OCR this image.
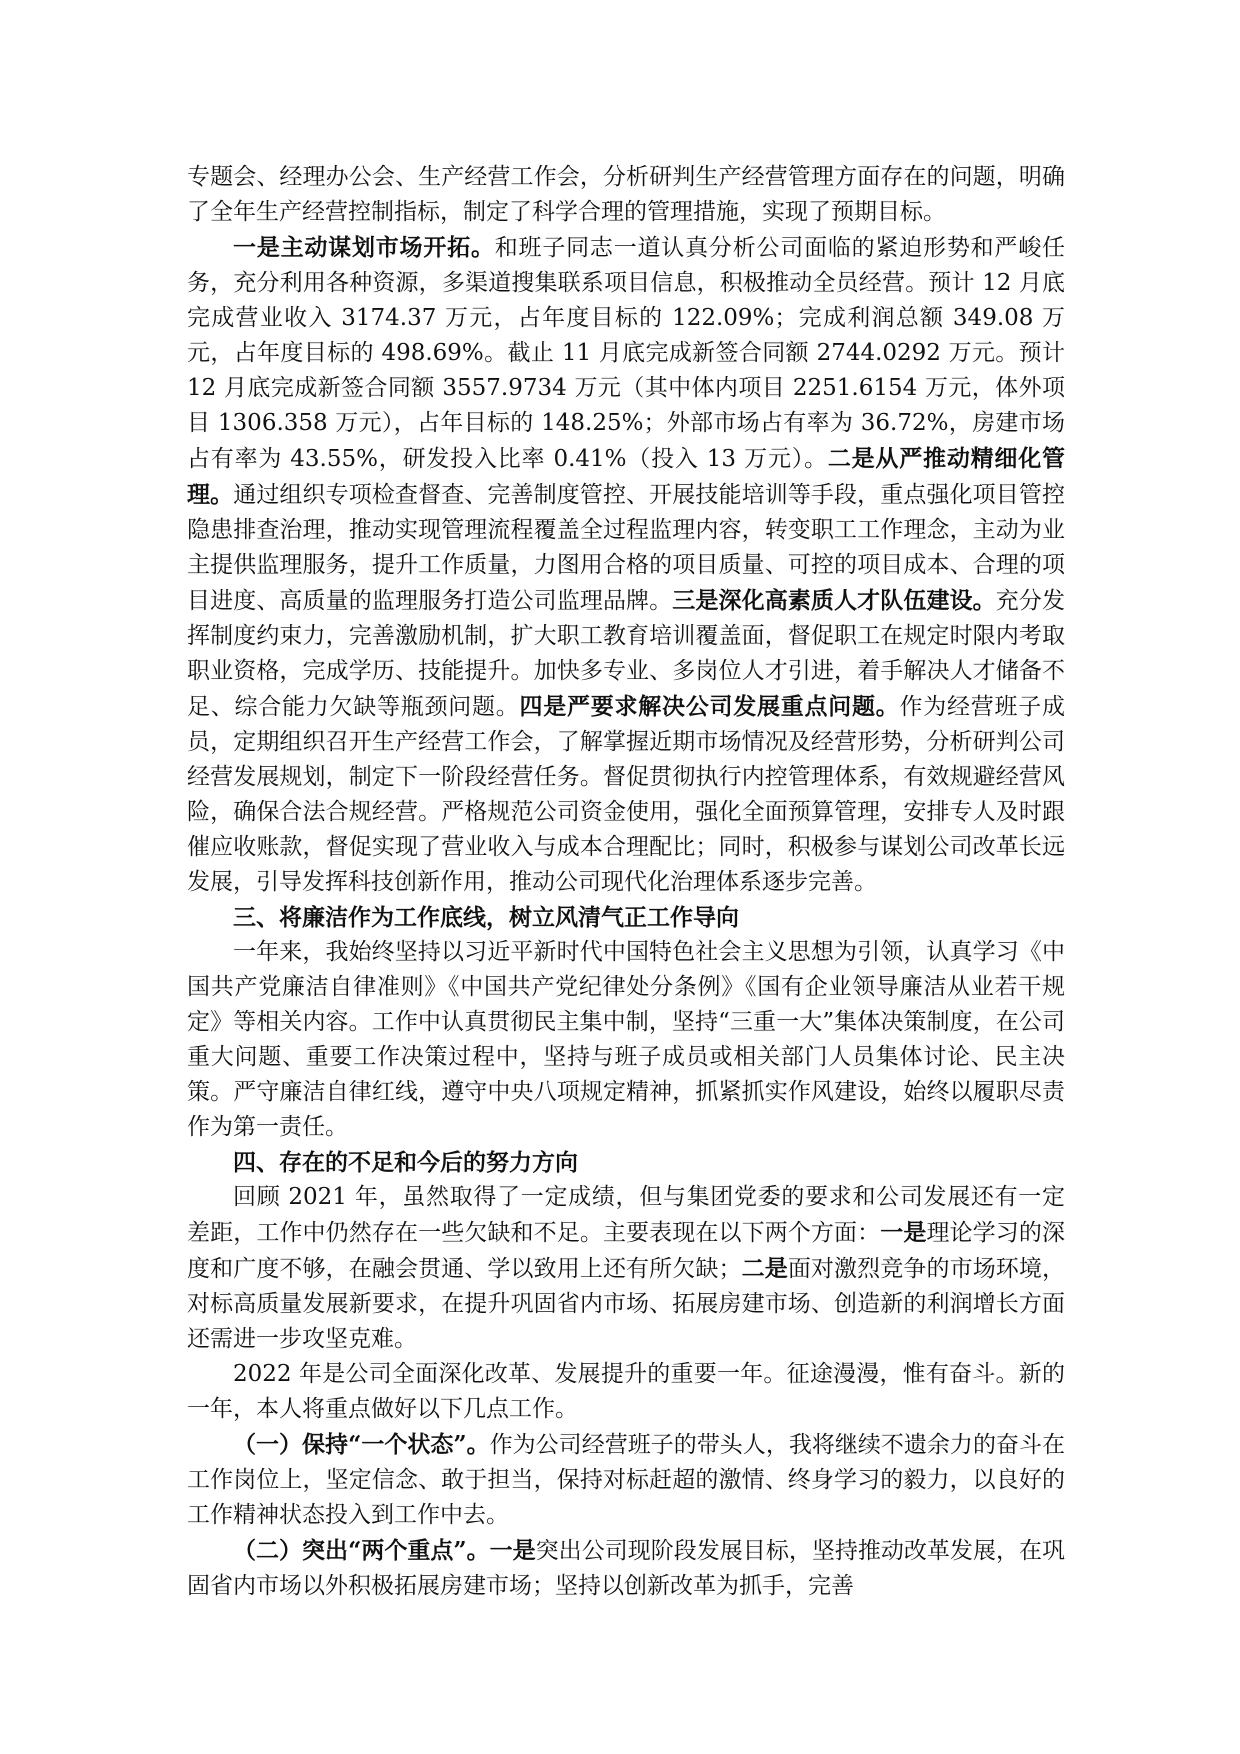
专题会、经理办公会、生产经营工作会，分析研判生产经营管理方面存在的问题，明确了全年生产经营控制指标，制定了科学合理的管理措施，实现了预期目标。

一是主动谋划市场开拓。和班子同志一道认真分析公司面临的紧迫形势和严峻任务，充分利用各种资源，多渠道搜集联系项目信息，积极推动全员经营。预计 12 月底完成营业收入 3174.37 万元，占年度目标的 122.09%；完成利润总额 349.08 万元，占年度目标的 498.69%。截止 11 月底完成新签合同额 2744.0292 万元。预计 12 月底完成新签合同额 3557.9734 万元（其中体内项目 2251.6154 万元，体外项目 1306.358 万元），占年目标的 148.25%；外部市场占有率为 36.72%，房建市场占有率为 43.55%，研发投入比率 0.41%（投入 13 万元）。二是从严推动精细化管理。通过组织专项检查督查、完善制度管控、开展技能培训等手段，重点强化项目管控隐患排查治理，推动实现管理流程覆盖全过程监理内容，转变职工工作理念，主动为业主提供监理服务，提升工作质量，力图用合格的项目质量、可控的项目成本、合理的项目进度、高质量的监理服务打造公司监理品牌。三是深化高素质人才队伍建设。充分发挥制度约束力，完善激励机制，扩大职工教育培训覆盖面，督促职工在规定时限内考取职业资格，完成学历、技能提升。加快多专业、多岗位人才引进，着手解决人才储备不足、综合能力欠缺等瓶颈问题。四是严要求解决公司发展重点问题。作为经营班子成员，定期组织召开生产经营工作会，了解掌握近期市场情况及经营形势，分析研判公司经营发展规划，制定下一阶段经营任务。督促贯彻执行内控管理体系，有效规避经营风险，确保合法合规经营。严格规范公司资金使用，强化全面预算管理，安排专人及时跟催应收账款，督促实现了营业收入与成本合理配比；同时，积极参与谋划公司改革长远发展，引导发挥科技创新作用，推动公司现代化治理体系逐步完善。

三、将廉洁作为工作底线，树立风清气正工作导向

一年来，我始终坚持以习近平新时代中国特色社会主义思想为引领，认真学习《中国共产党廉洁自律准则》《中国共产党纪律处分条例》《国有企业领导廉洁从业若干规定》等相关内容。工作中认真贯彻民主集中制，坚持“三重一大”集体决策制度，在公司重大问题、重要工作决策过程中，坚持与班子成员或相关部门人员集体讨论、民主决策。严守廉洁自律红线，遵守中央八项规定精神，抓紧抓实作风建设，始终以履职尽责作为第一责任。

四、存在的不足和今后的努力方向

回顾 2021 年，虽然取得了一定成绩，但与集团党委的要求和公司发展还有一定差距，工作中仍然存在一些欠缺和不足。主要表现在以下两个方面：一是理论学习的深度和广度不够，在融会贯通、学以致用上还有所欠缺；二是面对激烈竞争的市场环境，对标高质量发展新要求，在提升巩固省内市场、拓展房建市场、创造新的利润增长方面还需进一步攻坚克难。

2022 年是公司全面深化改革、发展提升的重要一年。征途漫漫，惟有奋斗。新的一年，本人将重点做好以下几点工作。

（一）保持“一个状态”。作为公司经营班子的带头人，我将继续不遗余力的奋斗在工作岗位上，坚定信念、敢于担当，保持对标赶超的激情、终身学习的毅力，以良好的工作精神状态投入到工作中去。

（二）突出“两个重点”。一是突出公司现阶段发展目标，坚持推动改革发展，在巩固省内市场以外积极拓展房建市场；坚持以创新改革为抓手，完善
